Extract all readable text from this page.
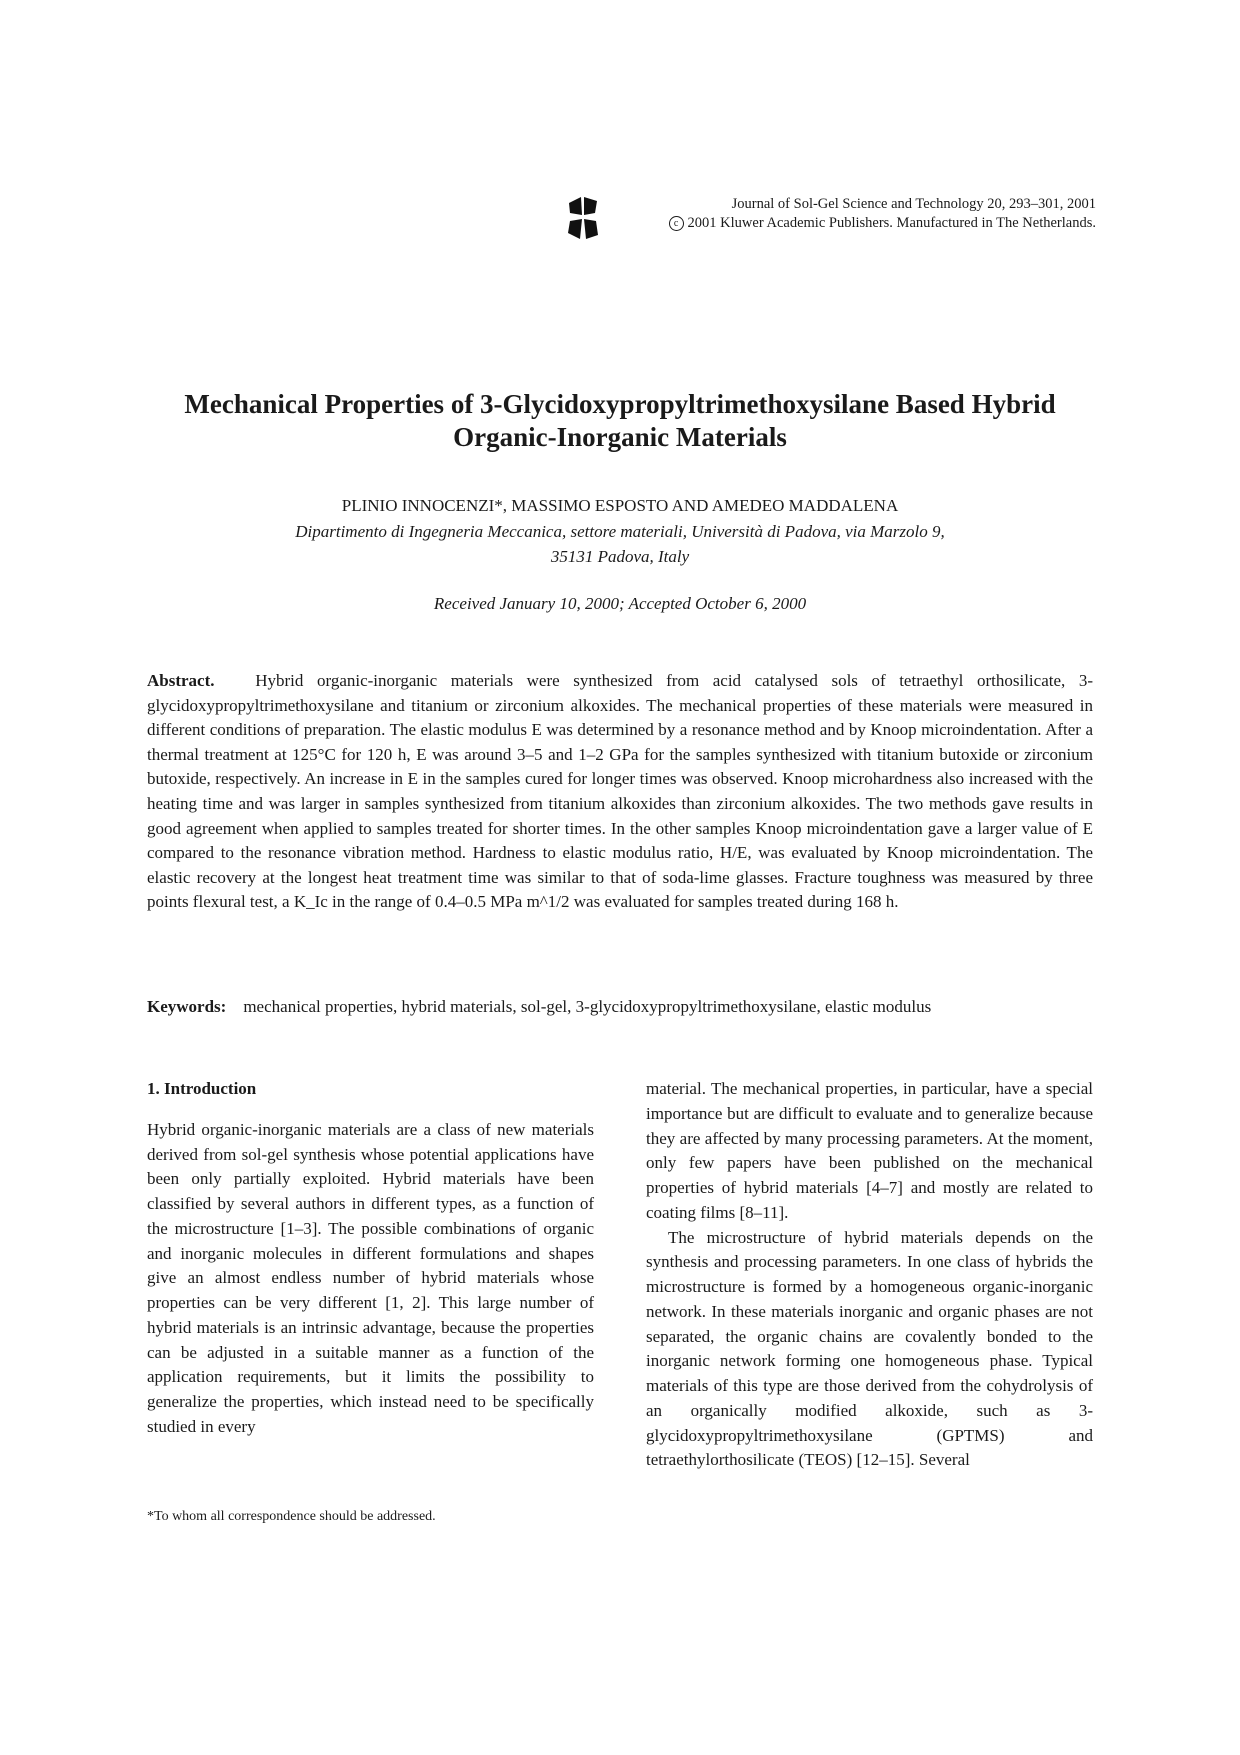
Journal of Sol-Gel Science and Technology 20, 293–301, 2001
c 2001 Kluwer Academic Publishers. Manufactured in The Netherlands.
Mechanical Properties of 3-Glycidoxypropyltrimethoxysilane Based Hybrid
Organic-Inorganic Materials
PLINIO INNOCENZI*, MASSIMO ESPOSTO AND AMEDEO MADDALENA
Dipartimento di Ingegneria Meccanica, settore materiali, Università di Padova, via Marzolo 9,
35131 Padova, Italy
Received January 10, 2000; Accepted October 6, 2000

Abstract. Hybrid organic-inorganic materials were synthesized from acid catalysed sols of tetraethyl orthosilicate, 3-glycidoxypropyltrimethoxysilane and titanium or zirconium alkoxides. The mechanical properties of these materials were measured in different conditions of preparation. The elastic modulus E was determined by a resonance method and by Knoop microindentation. After a thermal treatment at 125°C for 120 h, E was around 3–5 and 1–2 GPa for the samples synthesized with titanium butoxide or zirconium butoxide, respectively. An increase in E in the samples cured for longer times was observed. Knoop microhardness also increased with the heating time and was larger in samples synthesized from titanium alkoxides than zirconium alkoxides. The two methods gave results in good agreement when applied to samples treated for shorter times. In the other samples Knoop microindentation gave a larger value of E compared to the resonance vibration method. Hardness to elastic modulus ratio, H/E, was evaluated by Knoop microindentation. The elastic recovery at the longest heat treatment time was similar to that of soda-lime glasses. Fracture toughness was measured by three points flexural test, a K_Ic in the range of 0.4–0.5 MPa m^1/2 was evaluated for samples treated during 168 h.

Keywords: mechanical properties, hybrid materials, sol-gel, 3-glycidoxypropyltrimethoxysilane, elastic modulus

1. Introduction

Hybrid organic-inorganic materials are a class of new materials derived from sol-gel synthesis whose potential applications have been only partially exploited. Hybrid materials have been classified by several authors in different types, as a function of the microstructure [1–3]. The possible combinations of organic and inorganic molecules in different formulations and shapes give an almost endless number of hybrid materials whose properties can be very different [1, 2]. This large number of hybrid materials is an intrinsic advantage, because the properties can be adjusted in a suitable manner as a function of the application requirements, but it limits the possibility to generalize the properties, which instead need to be specifically studied in every

material. The mechanical properties, in particular, have a special importance but are difficult to evaluate and to generalize because they are affected by many processing parameters. At the moment, only few papers have been published on the mechanical properties of hybrid materials [4–7] and mostly are related to coating films [8–11].

The microstructure of hybrid materials depends on the synthesis and processing parameters. In one class of hybrids the microstructure is formed by a homogeneous organic-inorganic network. In these materials inorganic and organic phases are not separated, the organic chains are covalently bonded to the inorganic network forming one homogeneous phase. Typical materials of this type are those derived from the cohydrolysis of an organically modified alkoxide, such as 3-glycidoxypropyltrimethoxysilane (GPTMS) and tetraethylorthosilicate (TEOS) [12–15]. Several

*To whom all correspondence should be addressed.
